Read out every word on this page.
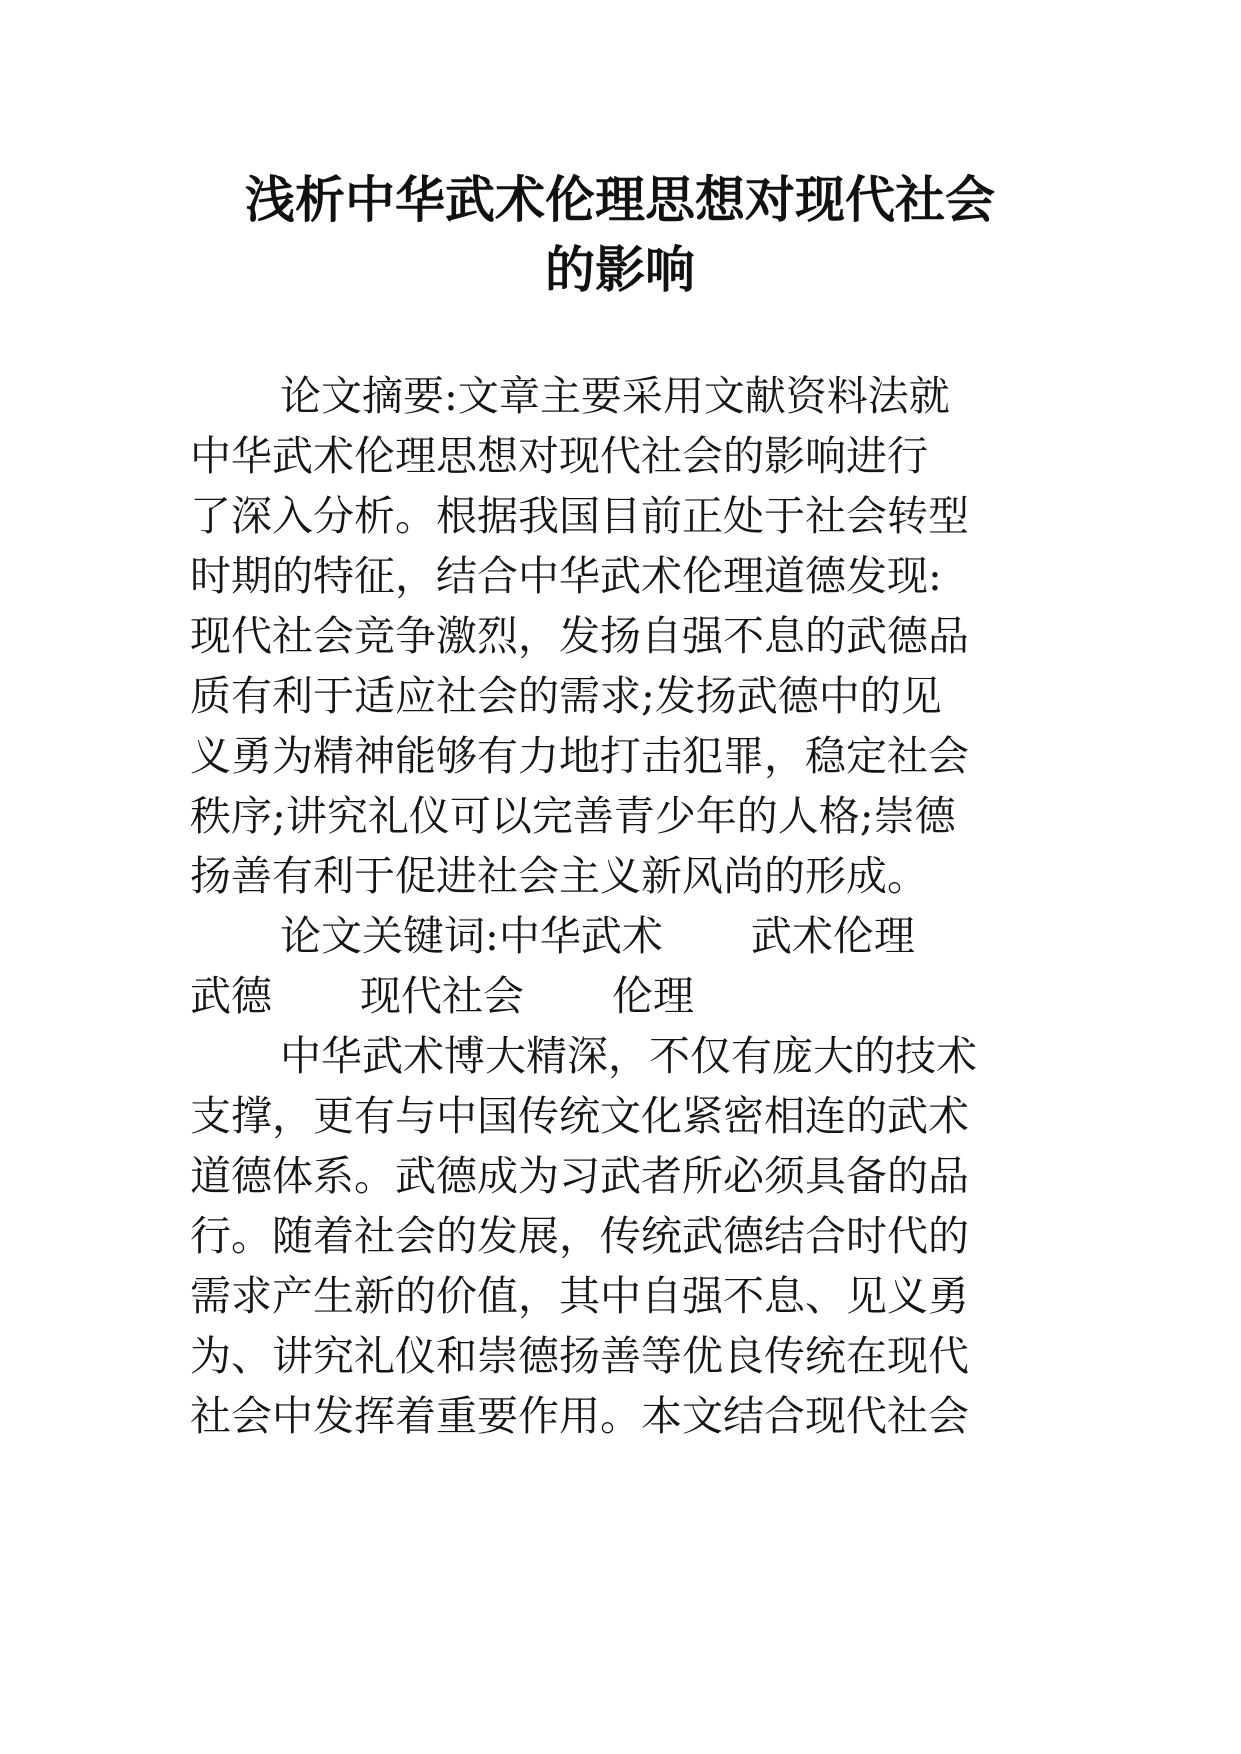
浅析中华武术伦理思想对现代社会
的影响
论文摘要:文章主要采用文献资料法就
中华武术伦理思想对现代社会的影响进行
了深入分析。根据我国目前正处于社会转型
时期的特征，结合中华武术伦理道德发现:
现代社会竞争激烈，发扬自强不息的武德品
质有利于适应社会的需求;发扬武德中的见
义勇为精神能够有力地打击犯罪，稳定社会
秩序;讲究礼仪可以完善青少年的人格;崇德
扬善有利于促进社会主义新风尚的形成。
论文关键词:中华武术 武术伦理
武德 现代社会 伦理
中华武术博大精深，不仅有庞大的技术
支撑，更有与中国传统文化紧密相连的武术
道德体系。武德成为习武者所必须具备的品
行。随着社会的发展，传统武德结合时代的
需求产生新的价值，其中自强不息、见义勇
为、讲究礼仪和崇德扬善等优良传统在现代
社会中发挥着重要作用。本文结合现代社会
